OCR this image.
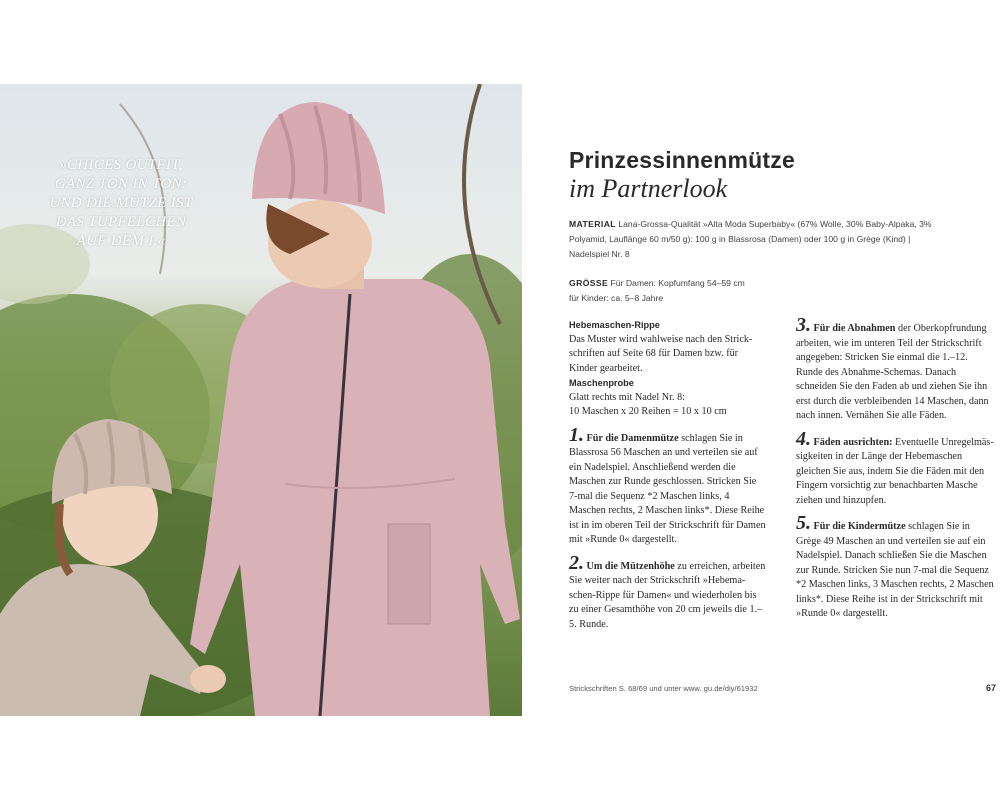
»CHICES OUTFIT,
GANZ TON IN TON:
UND DIE MÜTZE IST
DAS TÜPFELCHEN
AUF DEM I.«
Prinzessinnenmütze
im Partnerlook
MATERIAL Lana-Grossa-Qualität »Alta Moda Superbaby« (67% Wolle, 30% Baby-Alpaka, 3%
Polyamid, Lauflänge 60 m/50 g): 100 g in Blassrosa (Damen) oder 100 g in Grège (Kind) |
Nadelspiel Nr. 8
GRÖSSE Für Damen: Kopfumfang 54–59 cm
für Kinder: ca. 5–8 Jahre

Hebemaschen-Rippe

Das Muster wird wahlweise nach den Strick-schriften auf Seite 68 für Damen bzw. für Kinder gearbeitet.

Maschenprobe

Glatt rechts mit Nadel Nr. 8:

10 Maschen x 20 Reihen = 10 x 10 cm

1. Für die Damenmütze schlagen Sie in Blassrosa 56 Maschen an und verteilen sie auf ein Nadelspiel. Anschließend werden die Maschen zur Runde geschlossen. Stricken Sie 7-mal die Sequenz *2 Maschen links, 4 Maschen rechts, 2 Maschen links*. Diese Reihe ist in im oberen Teil der Strickschrift für Damen mit »Runde 0« dargestellt.

2. Um die Mützenhöhe zu erreichen, arbeiten Sie weiter nach der Strickschrift »Hebema-schen-Rippe für Damen« und wiederholen bis zu einer Gesamthöhe von 20 cm jeweils die 1.–5. Runde.

3. Für die Abnahmen der Oberkopfrundung arbeiten, wie im unteren Teil der Strickschrift angegeben: Stricken Sie einmal die 1.–12. Runde des Abnahme-Schemas. Danach schneiden Sie den Faden ab und ziehen Sie ihn erst durch die verbleibenden 14 Maschen, dann nach innen. Vernähen Sie alle Fäden.

4. Fäden ausrichten: Eventuelle Unregelmäs-sigkeiten in der Länge der Hebemaschen gleichen Sie aus, indem Sie die Fäden mit den Fingern vorsichtig zur benachbarten Masche ziehen und hinzupfen.

5. Für die Kindermütze schlagen Sie in Grège 49 Maschen an und verteilen sie auf ein Nadelspiel. Danach schließen Sie die Maschen zur Runde. Stricken Sie nun 7-mal die Sequenz *2 Maschen links, 3 Maschen rechts, 2 Maschen links*. Diese Reihe ist in der Strickschrift mit »Runde 0« dargestellt.

Strickschriften S. 68/69 und unter www. gu.de/diy/61932	67
